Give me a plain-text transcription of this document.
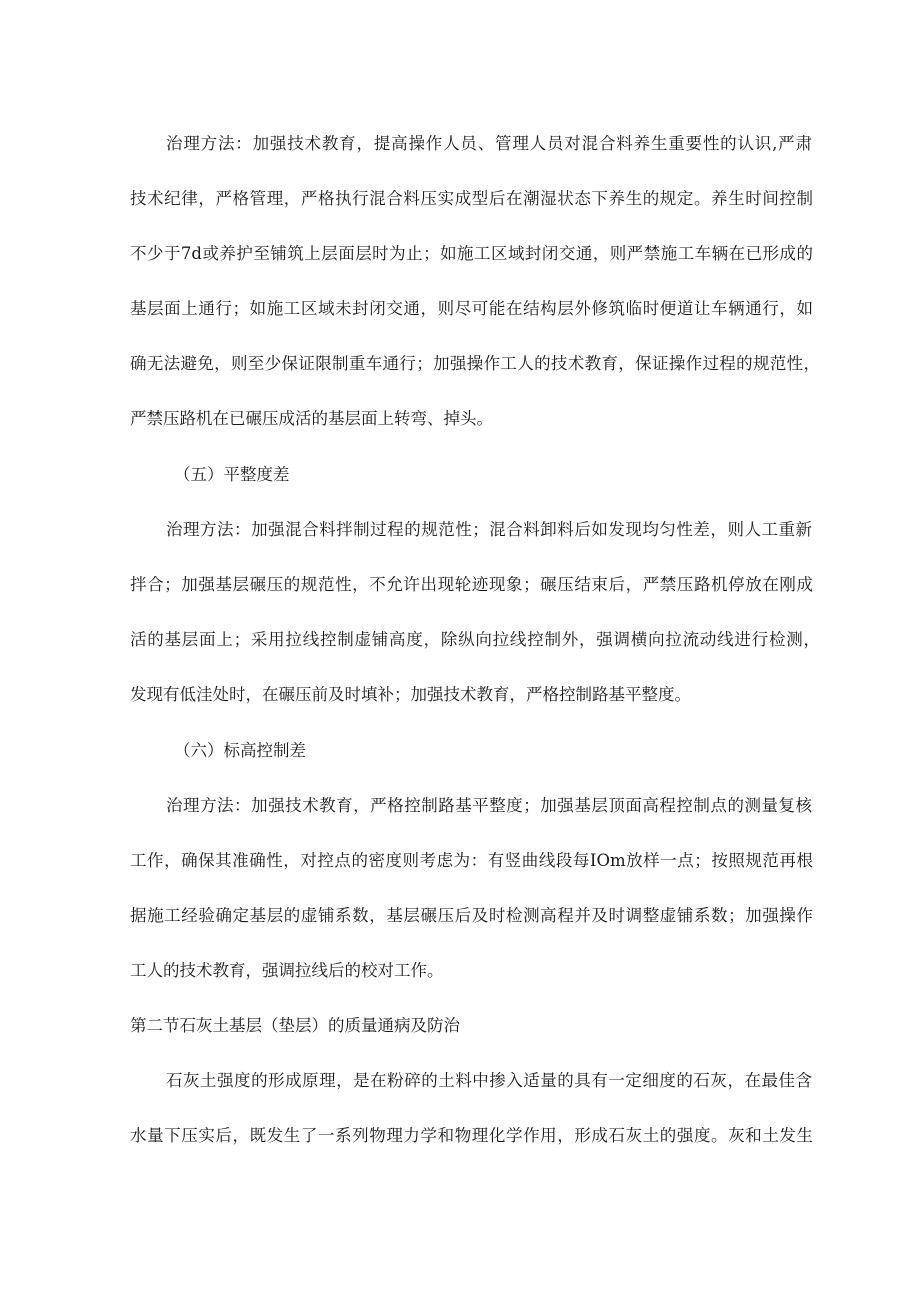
治理方法：加强技术教育，提高操作人员、管理人员对混合料养生重要性的认识,严肃
技术纪律，严格管理，严格执行混合料压实成型后在潮湿状态下养生的规定。养生时间控制
不少于7d或养护至铺筑上层面层时为止；如施工区域封闭交通，则严禁施工车辆在已形成的
基层面上通行；如施工区域未封闭交通，则尽可能在结构层外修筑临时便道让车辆通行，如
确无法避免，则至少保证限制重车通行；加强操作工人的技术教育，保证操作过程的规范性，
严禁压路机在已碾压成活的基层面上转弯、掉头。
（五）平整度差
治理方法：加强混合料拌制过程的规范性；混合料卸料后如发现均匀性差，则人工重新
拌合；加强基层碾压的规范性，不允许出现轮迹现象；碾压结束后，严禁压路机停放在刚成
活的基层面上；采用拉线控制虚铺高度，除纵向拉线控制外，强调横向拉流动线进行检测，
发现有低洼处时，在碾压前及时填补；加强技术教育，严格控制路基平整度。
（六）标高控制差
治理方法：加强技术教育，严格控制路基平整度；加强基层顶面高程控制点的测量复核
工作，确保其准确性，对控点的密度则考虑为：有竖曲线段每IOm放样一点；按照规范再根
据施工经验确定基层的虚铺系数，基层碾压后及时检测高程并及时调整虚铺系数；加强操作
工人的技术教育，强调拉线后的校对工作。
第二节石灰土基层（垫层）的质量通病及防治
石灰土强度的形成原理，是在粉碎的土料中掺入适量的具有一定细度的石灰，在最佳含
水量下压实后，既发生了一系列物理力学和物理化学作用，形成石灰土的强度。灰和土发生
